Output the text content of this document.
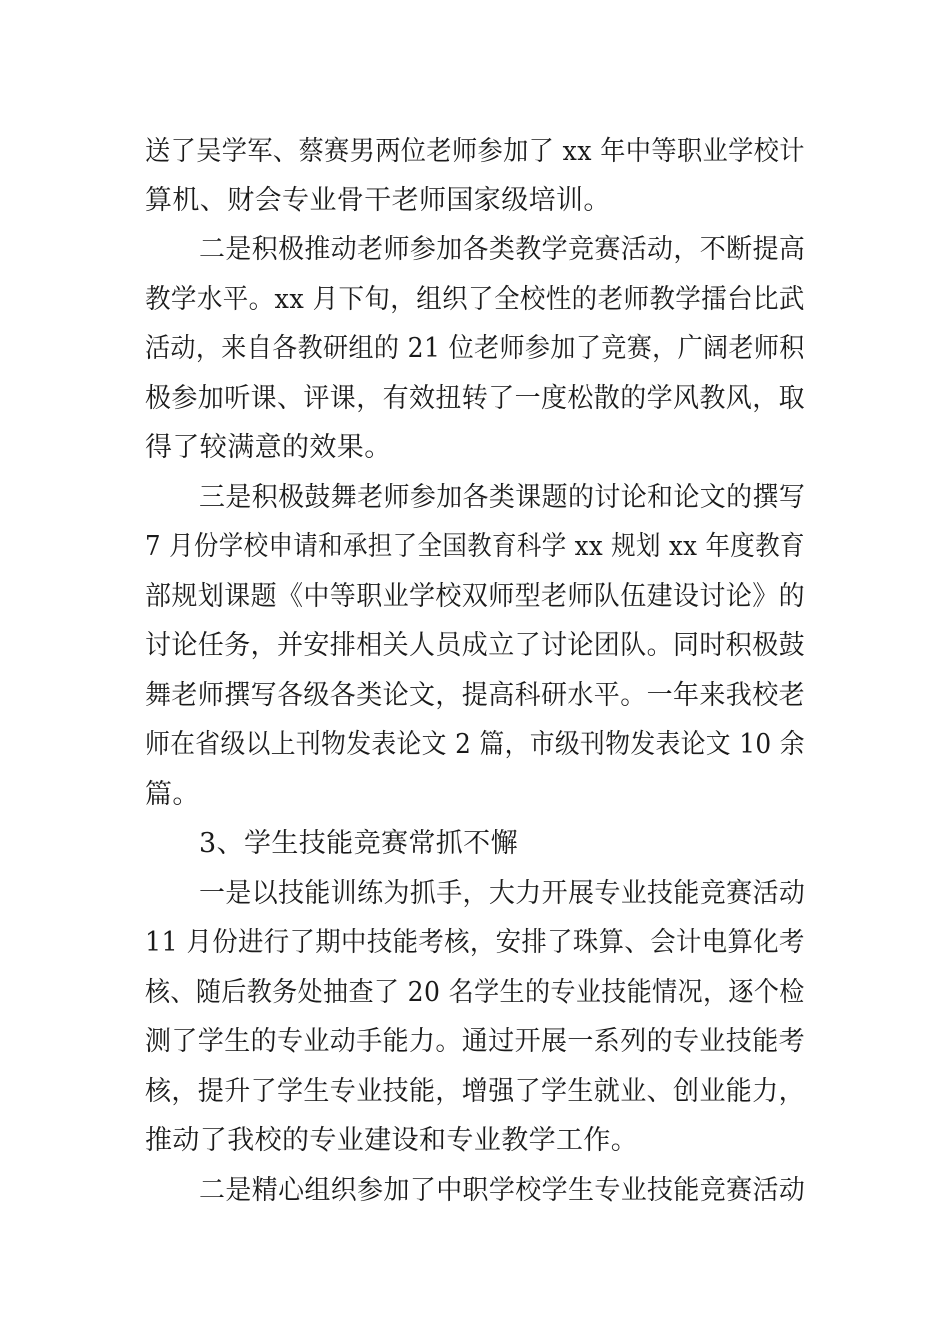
送了吴学军、蔡赛男两位老师参加了 xx 年中等职业学校计

算机、财会专业骨干老师国家级培训。

二是积极推动老师参加各类教学竞赛活动，不断提高

教学水平。xx 月下旬，组织了全校性的老师教学擂台比武

活动，来自各教研组的 21 位老师参加了竞赛，广阔老师积

极参加听课、评课，有效扭转了一度松散的学风教风，取

得了较满意的效果。

三是积极鼓舞老师参加各类课题的讨论和论文的撰写

7 月份学校申请和承担了全国教育科学 xx 规划 xx 年度教育

部规划课题《中等职业学校双师型老师队伍建设讨论》的

讨论任务，并安排相关人员成立了讨论团队。同时积极鼓

舞老师撰写各级各类论文，提高科研水平。一年来我校老

师在省级以上刊物发表论文 2 篇，市级刊物发表论文 10 余

篇。

3、学生技能竞赛常抓不懈

一是以技能训练为抓手，大力开展专业技能竞赛活动

11 月份进行了期中技能考核，安排了珠算、会计电算化考

核、随后教务处抽查了 20 名学生的专业技能情况，逐个检

测了学生的专业动手能力。通过开展一系列的专业技能考

核，提升了学生专业技能，增强了学生就业、创业能力，

推动了我校的专业建设和专业教学工作。

二是精心组织参加了中职学校学生专业技能竞赛活动
